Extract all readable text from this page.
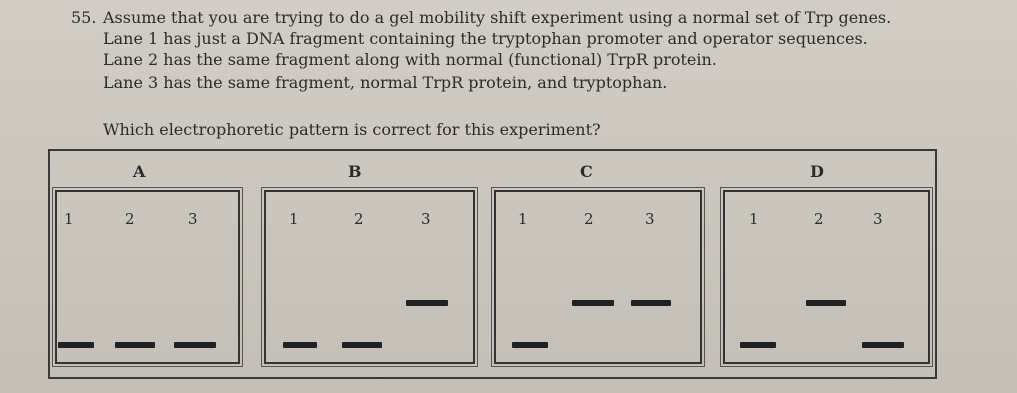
55. Assume that you are trying to do a gel mobility shift experiment using a normal set of Trp genes.
Lane 1 has just a DNA fragment containing the tryptophan promoter and operator sequences.
Lane 2 has the same fragment along with normal (functional) TrpR protein.
Lane 3 has the same fragment, normal TrpR protein, and tryptophan.
Which electrophoretic pattern is correct for this experiment?
A
1	2	3
B
1	2	3
C
1	2	3
D
1	2	3
